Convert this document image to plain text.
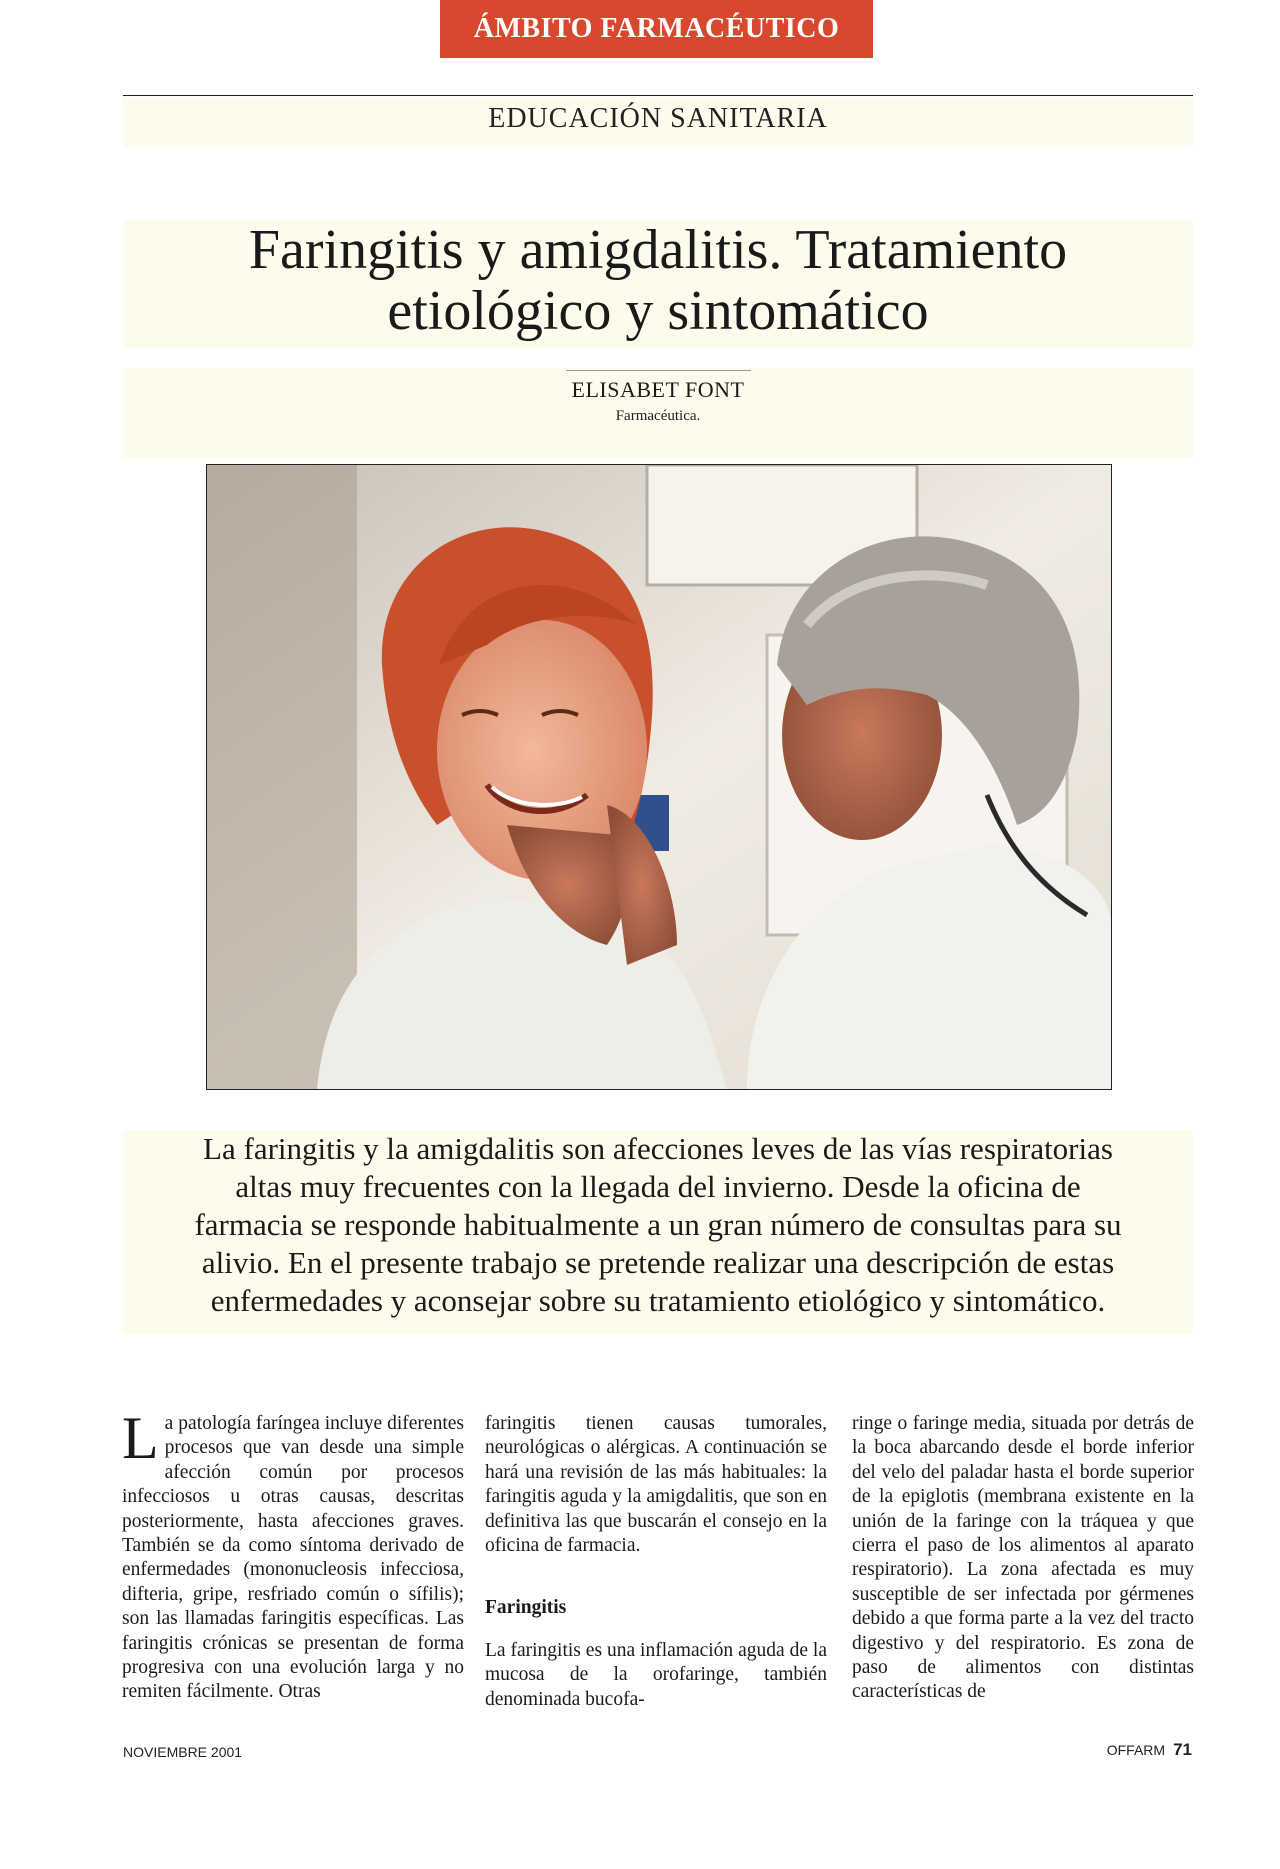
ÁMBITO FARMACÉUTICO
EDUCACIÓN SANITARIA
Faringitis y amigdalitis. Tratamiento
etiológico y sintomático
ELISABET FONT
Farmacéutica.

La faringitis y la amigdalitis son afecciones leves de las vías respiratorias
altas muy frecuentes con la llegada del invierno. Desde la oficina de
farmacia se responde habitualmente a un gran número de consultas para su
alivio. En el presente trabajo se pretende realizar una descripción de estas
enfermedades y aconsejar sobre su tratamiento etiológico y sintomático.

La patología faríngea incluye diferentes procesos que van desde una simple afección común por procesos infecciosos u otras causas, descritas posteriormente, hasta afecciones graves. También se da como síntoma derivado de enfermedades (mononucleosis infecciosa, difteria, gripe, resfriado común o sífilis); son las llamadas faringitis específicas. Las faringitis crónicas se presentan de forma progresiva con una evolución larga y no remiten fácilmente. Otras

faringitis tienen causas tumorales, neurológicas o alérgicas. A continuación se hará una revisión de las más habituales: la faringitis aguda y la amigdalitis, que son en definitiva las que buscarán el consejo en la oficina de farmacia.

Faringitis

La faringitis es una inflamación aguda de la mucosa de la orofaringe, también denominada bucofa-

ringe o faringe media, situada por detrás de la boca abarcando desde el borde inferior del velo del paladar hasta el borde superior de la epiglotis (membrana existente en la unión de la faringe con la tráquea y que cierra el paso de los alimentos al aparato respiratorio). La zona afectada es muy susceptible de ser infectada por gérmenes debido a que forma parte a la vez del tracto digestivo y del respiratorio. Es zona de paso de alimentos con distintas características de

NOVIEMBRE 2001	OFFARM 71
